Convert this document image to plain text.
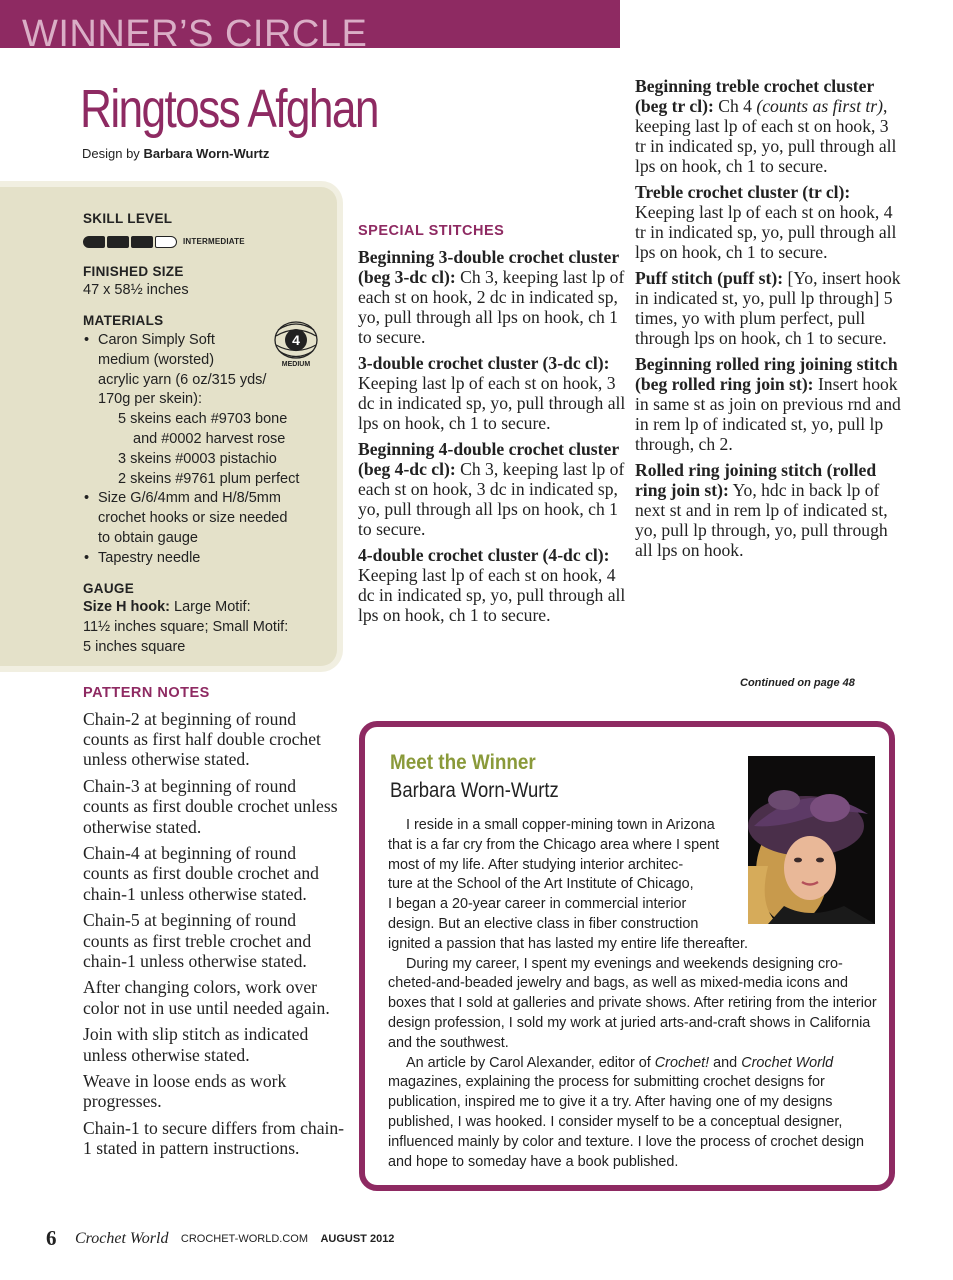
WINNER’S CIRCLE
Ringtoss Afghan
Design by Barbara Worn-Wurtz
SKILL LEVEL
INTERMEDIATE
FINISHED SIZE
47 x 58½ inches
MATERIALS
• Caron Simply Soft
medium (worsted)
acrylic yarn (6 oz/315 yds/
170g per skein):
5 skeins each #9703 bone
and #0002 harvest rose
3 skeins #0003 pistachio
2 skeins #9761 plum perfect
• Size G/6/4mm and H/8/5mm
crochet hooks or size needed
to obtain gauge
• Tapestry needle
GAUGE
Size H hook: Large Motif:
11½ inches square; Small Motif:
5 inches square
4
MEDIUM
PATTERN NOTES

Chain-2 at beginning of round counts as first half double crochet unless otherwise stated.

Chain-3 at beginning of round counts as first double crochet unless otherwise stated.

Chain-4 at beginning of round counts as first double crochet and chain-1 unless otherwise stated.

Chain-5 at beginning of round counts as first treble crochet and chain-1 unless otherwise stated.

After changing colors, work over color not in use until needed again.

Join with slip stitch as indicated unless otherwise stated.

Weave in loose ends as work progresses.

Chain-1 to secure differs from chain-1 stated in pattern instructions.

SPECIAL STITCHES

Beginning 3-double crochet cluster (beg 3-dc cl): Ch 3, keeping last lp of each st on hook, 2 dc in indicated sp, yo, pull through all lps on hook, ch 1 to secure.

3-double crochet cluster (3-dc cl): Keeping last lp of each st on hook, 3 dc in indicated sp, yo, pull through all lps on hook, ch 1 to secure.

Beginning 4-double crochet cluster (beg 4-dc cl): Ch 3, keeping last lp of each st on hook, 3 dc in indicated sp, yo, pull through all lps on hook, ch 1 to secure.

4-double crochet cluster (4-dc cl): Keeping last lp of each st on hook, 4 dc in indicated sp, yo, pull through all lps on hook, ch 1 to secure.

Beginning treble crochet cluster (beg tr cl): Ch 4 (counts as first tr), keeping last lp of each st on hook, 3 tr in indicated sp, yo, pull through all lps on hook, ch 1 to secure.

Treble crochet cluster (tr cl): Keeping last lp of each st on hook, 4 tr in indicated sp, yo, pull through all lps on hook, ch 1 to secure.

Puff stitch (puff st): [Yo, insert hook in indicated st, yo, pull lp through] 5 times, yo with plum perfect, pull through lps on hook, ch 1 to secure.

Beginning rolled ring joining stitch (beg rolled ring join st): Insert hook in same st as join on previous rnd and in rem lp of indicated st, yo, pull lp through, ch 2.

Rolled ring joining stitch (rolled ring join st): Yo, hdc in back lp of next st and in rem lp of indicated st, yo, pull lp through, yo, pull through all lps on hook.

Continued on page 48
Meet the Winner
Barbara Worn-Wurtz
I reside in a small copper-mining town in Arizona
that is a far cry from the Chicago area where I spent
most of my life. After studying interior architec-
ture at the School of the Art Institute of Chicago,
I began a 20-year career in commercial interior
design. But an elective class in fiber construction
ignited a passion that has lasted my entire life thereafter.

During my career, I spent my evenings and weekends designing cro-cheted-and-beaded jewelry and bags, as well as mixed-media icons and boxes that I sold at galleries and private shows. After retiring from the interior design profession, I sold my work at juried arts-and-craft shows in California and the southwest.

An article by Carol Alexander, editor of Crochet! and Crochet World magazines, explaining the process for submitting crochet designs for publication, inspired me to give it a try. After having one of my designs published, I was hooked. I consider myself to be a conceptual designer, influenced mainly by color and texture. I love the process of crochet design and hope to someday have a book published.

6 Crochet World CROCHET-WORLD.COM AUGUST 2012
